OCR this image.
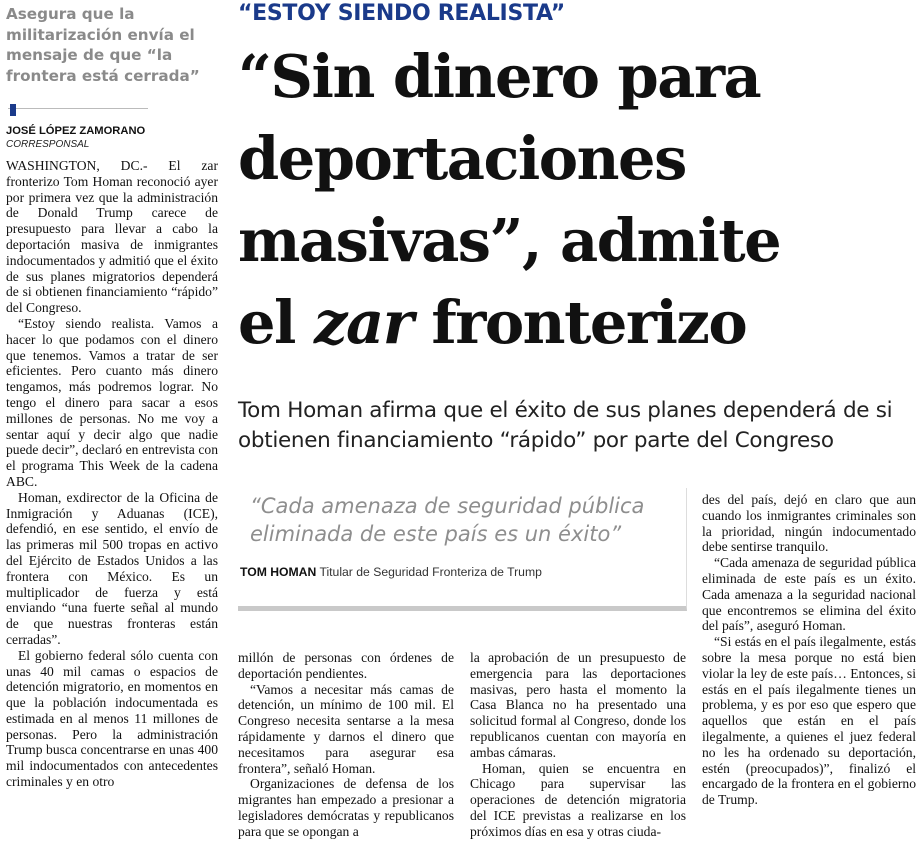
Asegura que la militarización envía el mensaje de que “la frontera está cerrada”
JOSÉ LÓPEZ ZAMORANO
CORRESPONSAL

WASHINGTON, DC.- El zar fronterizo Tom Homan reconoció ayer por primera vez que la administración de Donald Trump carece de presupuesto para llevar a cabo la deportación masiva de inmigrantes indocumentados y admitió que el éxito de sus planes migratorios dependerá de si obtienen financiamiento “rápido” del Congreso.

“Estoy siendo realista. Vamos a hacer lo que podamos con el dinero que tenemos. Vamos a tratar de ser eficientes. Pero cuanto más dinero tengamos, más podremos lograr. No tengo el dinero para sacar a esos millones de personas. No me voy a sentar aquí y decir algo que nadie puede decir”, declaró en entrevista con el programa This Week de la cadena ABC.

Homan, exdirector de la Oficina de Inmigración y Aduanas (ICE), defendió, en ese sentido, el envío de las primeras mil 500 tropas en activo del Ejército de Estados Unidos a las frontera con México. Es un multiplicador de fuerza y está enviando “una fuerte señal al mundo de que nuestras fronteras están cerradas”.

El gobierno federal sólo cuenta con unas 40 mil camas o espacios de detención migratorio, en momentos en que la población indocumentada es estimada en al menos 11 millones de personas. Pero la administración Trump busca concentrarse en unas 400 mil indocumentados con antecedentes criminales y en otro

“ESTOY SIENDO REALISTA”
“Sin dinero para
deportaciones
masivas”, admite
el zar fronterizo
Tom Homan afirma que el éxito de sus planes dependerá de si obtienen financiamiento “rápido” por parte del Congreso
“Cada amenaza de seguridad pública eliminada de este país es un éxito”
TOM HOMAN Titular de Seguridad Fronteriza de Trump

millón de personas con órdenes de deportación pendientes.

“Vamos a necesitar más camas de detención, un mínimo de 100 mil. El Congreso necesita sentarse a la mesa rápidamente y darnos el dinero que necesitamos para asegurar esa frontera”, señaló Homan.

Organizaciones de defensa de los migrantes han empezado a presionar a legisladores demócratas y republicanos para que se opongan a

la aprobación de un presupuesto de emergencia para las deportaciones masivas, pero hasta el momento la Casa Blanca no ha presentado una solicitud formal al Congreso, donde los republicanos cuentan con mayoría en ambas cámaras.

Homan, quien se encuentra en Chicago para supervisar las operaciones de detención migratoria del ICE previstas a realizarse en los próximos días en esa y otras ciuda-

des del país, dejó en claro que aun cuando los inmigrantes criminales son la prioridad, ningún indocumentado debe sentirse tranquilo.

“Cada amenaza de seguridad pública eliminada de este país es un éxito. Cada amenaza a la seguridad nacional que encontremos se elimina del éxito del país”, aseguró Homan.

“Si estás en el país ilegalmente, estás sobre la mesa porque no está bien violar la ley de este país… Entonces, si estás en el país ilegalmente tienes un problema, y es por eso que espero que aquellos que están en el país ilegalmente, a quienes el juez federal no les ha ordenado su deportación, estén (preocupados)”, finalizó el encargado de la frontera en el gobierno de Trump.
